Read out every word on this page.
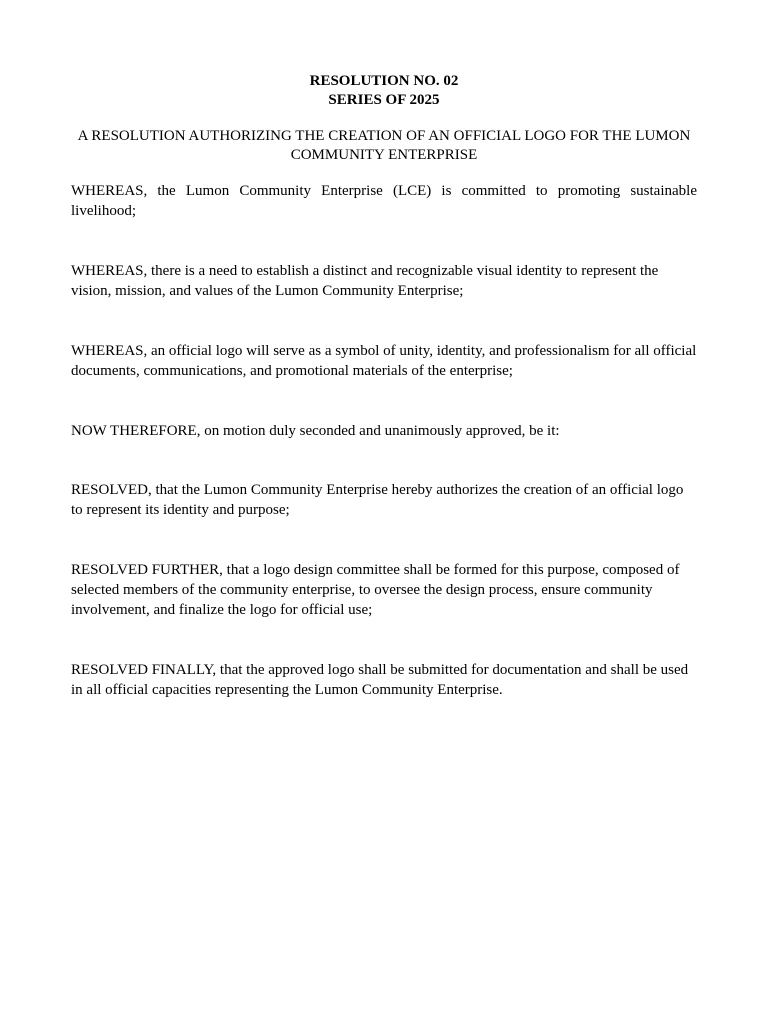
RESOLUTION NO. 02
SERIES OF 2025
A RESOLUTION AUTHORIZING THE CREATION OF AN OFFICIAL LOGO FOR THE LUMON COMMUNITY ENTERPRISE

WHEREAS, the Lumon Community Enterprise (LCE) is committed to promoting sustainable livelihood;

WHEREAS, there is a need to establish a distinct and recognizable visual identity to represent the vision, mission, and values of the Lumon Community Enterprise;

WHEREAS, an official logo will serve as a symbol of unity, identity, and professionalism for all official documents, communications, and promotional materials of the enterprise;

NOW THEREFORE, on motion duly seconded and unanimously approved, be it:

RESOLVED, that the Lumon Community Enterprise hereby authorizes the creation of an official logo to represent its identity and purpose;

RESOLVED FURTHER, that a logo design committee shall be formed for this purpose, composed of selected members of the community enterprise, to oversee the design process, ensure community involvement, and finalize the logo for official use;

RESOLVED FINALLY, that the approved logo shall be submitted for documentation and shall be used in all official capacities representing the Lumon Community Enterprise.
